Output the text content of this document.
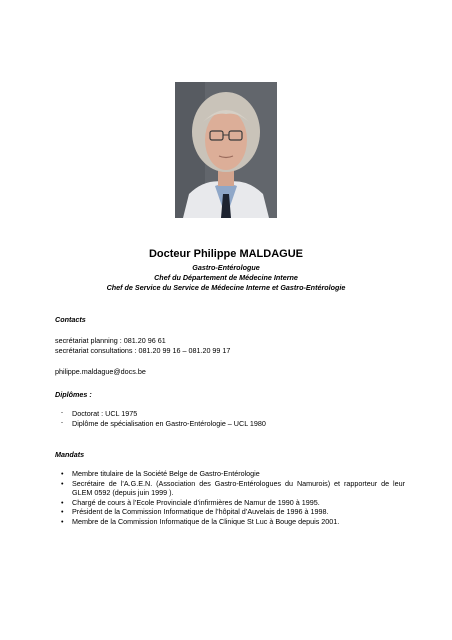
Docteur Philippe MALDAGUE
Gastro-Entérologue
Chef du Département de Médecine Interne
Chef de Service du Service de Médecine Interne et Gastro-Entérologie
Contacts
secrétariat planning : 081.20 96 61
secrétariat consultations : 081.20 99 16 – 081.20 99 17
philippe.maldague@docs.be
Diplômes :
- Doctorat : UCL 1975
- Diplôme de spécialisation en Gastro-Entérologie – UCL 1980
Mandats
• Membre titulaire de la Société Belge de Gastro-Entérologie
• Secrétaire de l’A.G.E.N. (Association des Gastro-Entérologues du Namurois) et rapporteur de leur GLEM 0592 (depuis juin 1999 ).
• Chargé de cours à l’Ecole Provinciale d’infirmières de Namur de 1990 à 1995.
• Président de la Commission Informatique de l’hôpital d’Auvelais de 1996 à 1998.
• Membre de la Commission Informatique de la Clinique St Luc à Bouge depuis 2001.
